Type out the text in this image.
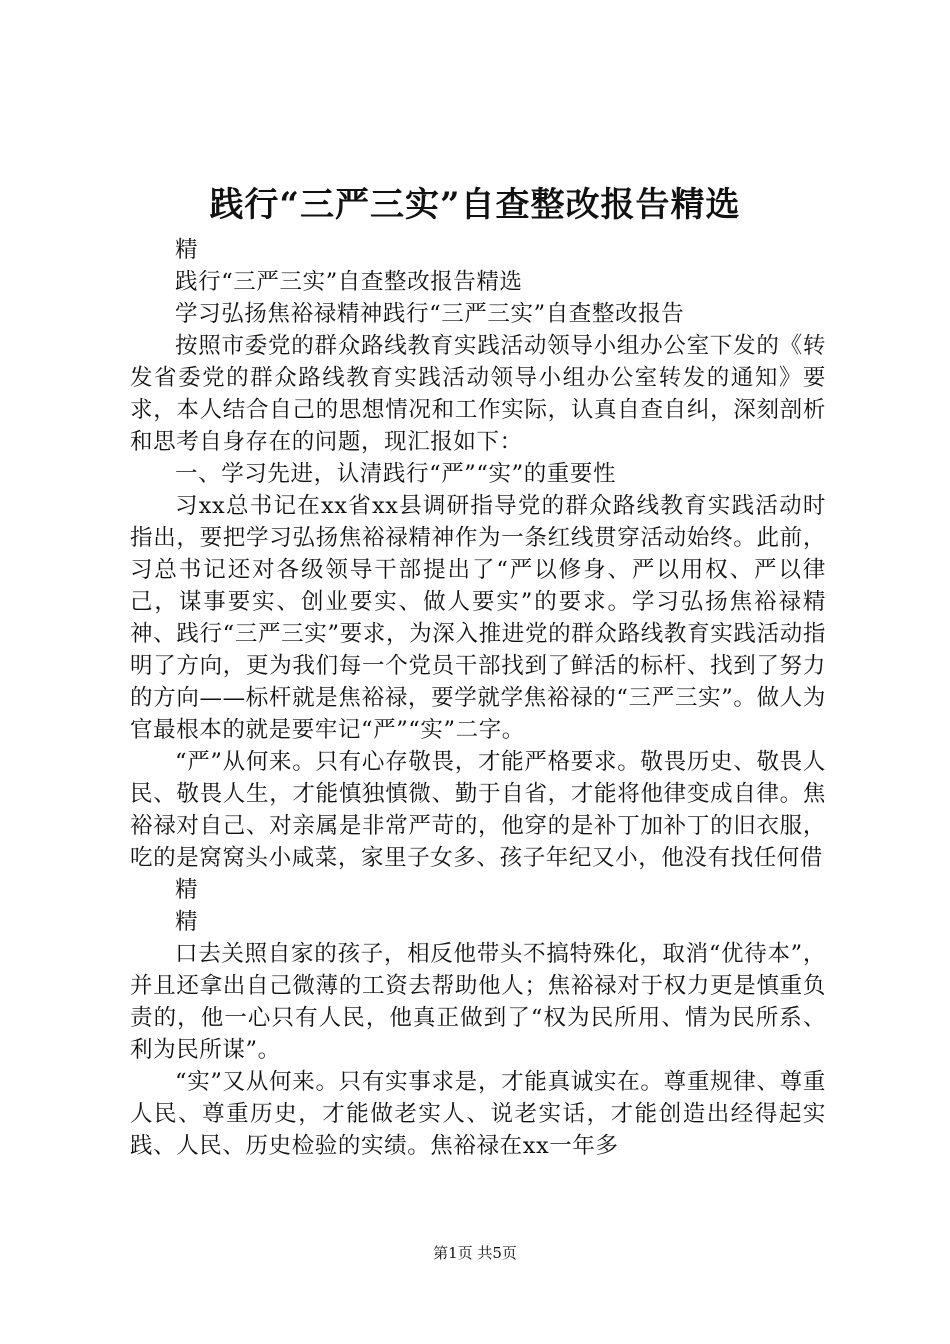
践行“三严三实”自查整改报告精选

精

践行“三严三实”自查整改报告精选

学习弘扬焦裕禄精神践行“三严三实”自查整改报告

按照市委党的群众路线教育实践活动领导小组办公室下发的《转发省委党的群众路线教育实践活动领导小组办公室转发的通知》要求，本人结合自己的思想情况和工作实际，认真自查自纠，深刻剖析和思考自身存在的问题，现汇报如下：

一、学习先进，认清践行“严”“实”的重要性

习xx总书记在xx省xx县调研指导党的群众路线教育实践活动时指出，要把学习弘扬焦裕禄精神作为一条红线贯穿活动始终。此前，习总书记还对各级领导干部提出了“严以修身、严以用权、严以律己，谋事要实、创业要实、做人要实”的要求。学习弘扬焦裕禄精神、践行“三严三实”要求，为深入推进党的群众路线教育实践活动指明了方向，更为我们每一个党员干部找到了鲜活的标杆、找到了努力的方向——标杆就是焦裕禄，要学就学焦裕禄的“三严三实”。做人为官最根本的就是要牢记“严”“实”二字。

“严”从何来。只有心存敬畏，才能严格要求。敬畏历史、敬畏人民、敬畏人生，才能慎独慎微、勤于自省，才能将他律变成自律。焦裕禄对自己、对亲属是非常严苛的，他穿的是补丁加补丁的旧衣服，吃的是窝窝头小咸菜，家里子女多、孩子年纪又小，他没有找任何借

精

精

口去关照自家的孩子，相反他带头不搞特殊化，取消“优待本”，并且还拿出自己微薄的工资去帮助他人；焦裕禄对于权力更是慎重负责的，他一心只有人民，他真正做到了“权为民所用、情为民所系、利为民所谋”。

“实”又从何来。只有实事求是，才能真诚实在。尊重规律、尊重人民、尊重历史，才能做老实人、说老实话，才能创造出经得起实践、人民、历史检验的实绩。焦裕禄在xx一年多

第1页 共5页
